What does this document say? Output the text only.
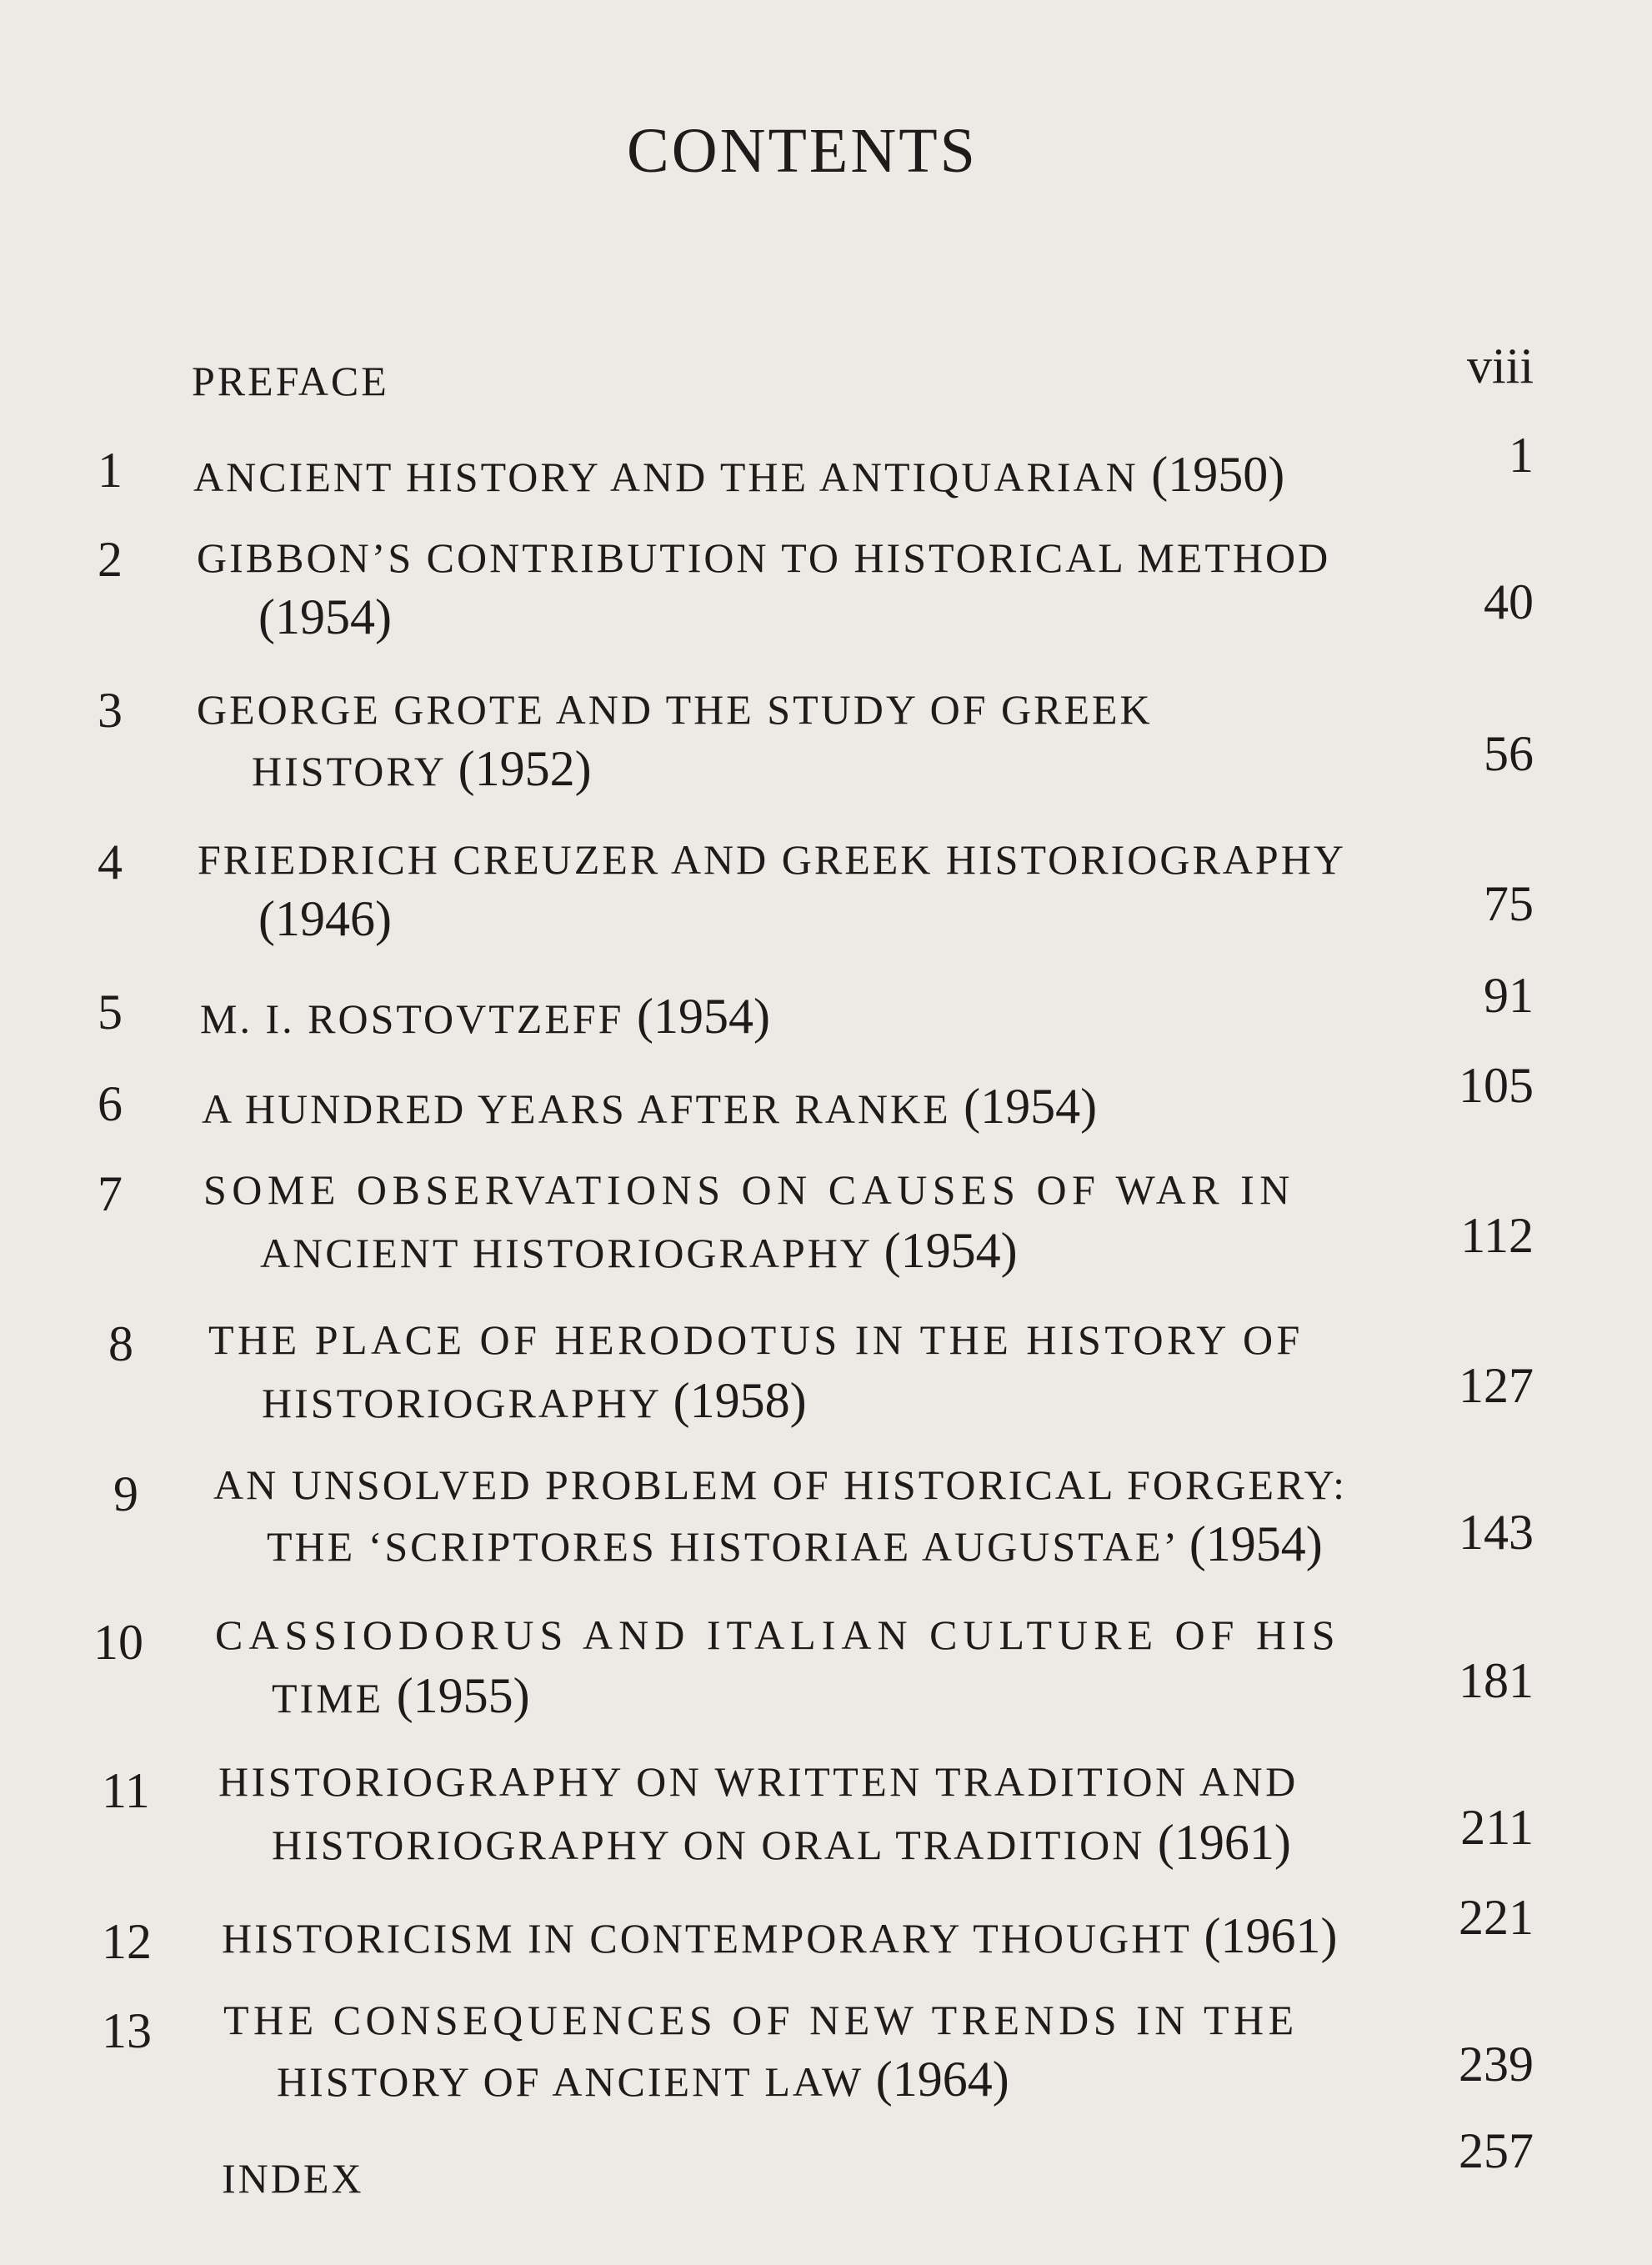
CONTENTS
PREFACE	viii
1 ANCIENT HISTORY AND THE ANTIQUARIAN (1950)	1
2 GIBBON’S CONTRIBUTION TO HISTORICAL METHOD
(1954)	40
3 GEORGE GROTE AND THE STUDY OF GREEK
HISTORY (1952)	56
4 FRIEDRICH CREUZER AND GREEK HISTORIOGRAPHY
(1946)	75
5 M. I. ROSTOVTZEFF (1954)	91
6 A HUNDRED YEARS AFTER RANKE (1954)	105
7 SOME OBSERVATIONS ON CAUSES OF WAR IN
ANCIENT HISTORIOGRAPHY (1954)	112
8 THE PLACE OF HERODOTUS IN THE HISTORY OF
HISTORIOGRAPHY (1958)	127
9 AN UNSOLVED PROBLEM OF HISTORICAL FORGERY:
THE ‘SCRIPTORES HISTORIAE AUGUSTAE’ (1954)	143
10 CASSIODORUS AND ITALIAN CULTURE OF HIS
TIME (1955)	181
11 HISTORIOGRAPHY ON WRITTEN TRADITION AND
HISTORIOGRAPHY ON ORAL TRADITION (1961)	211
12 HISTORICISM IN CONTEMPORARY THOUGHT (1961) 221
13 THE CONSEQUENCES OF NEW TRENDS IN THE
HISTORY OF ANCIENT LAW (1964)	239
INDEX	257
